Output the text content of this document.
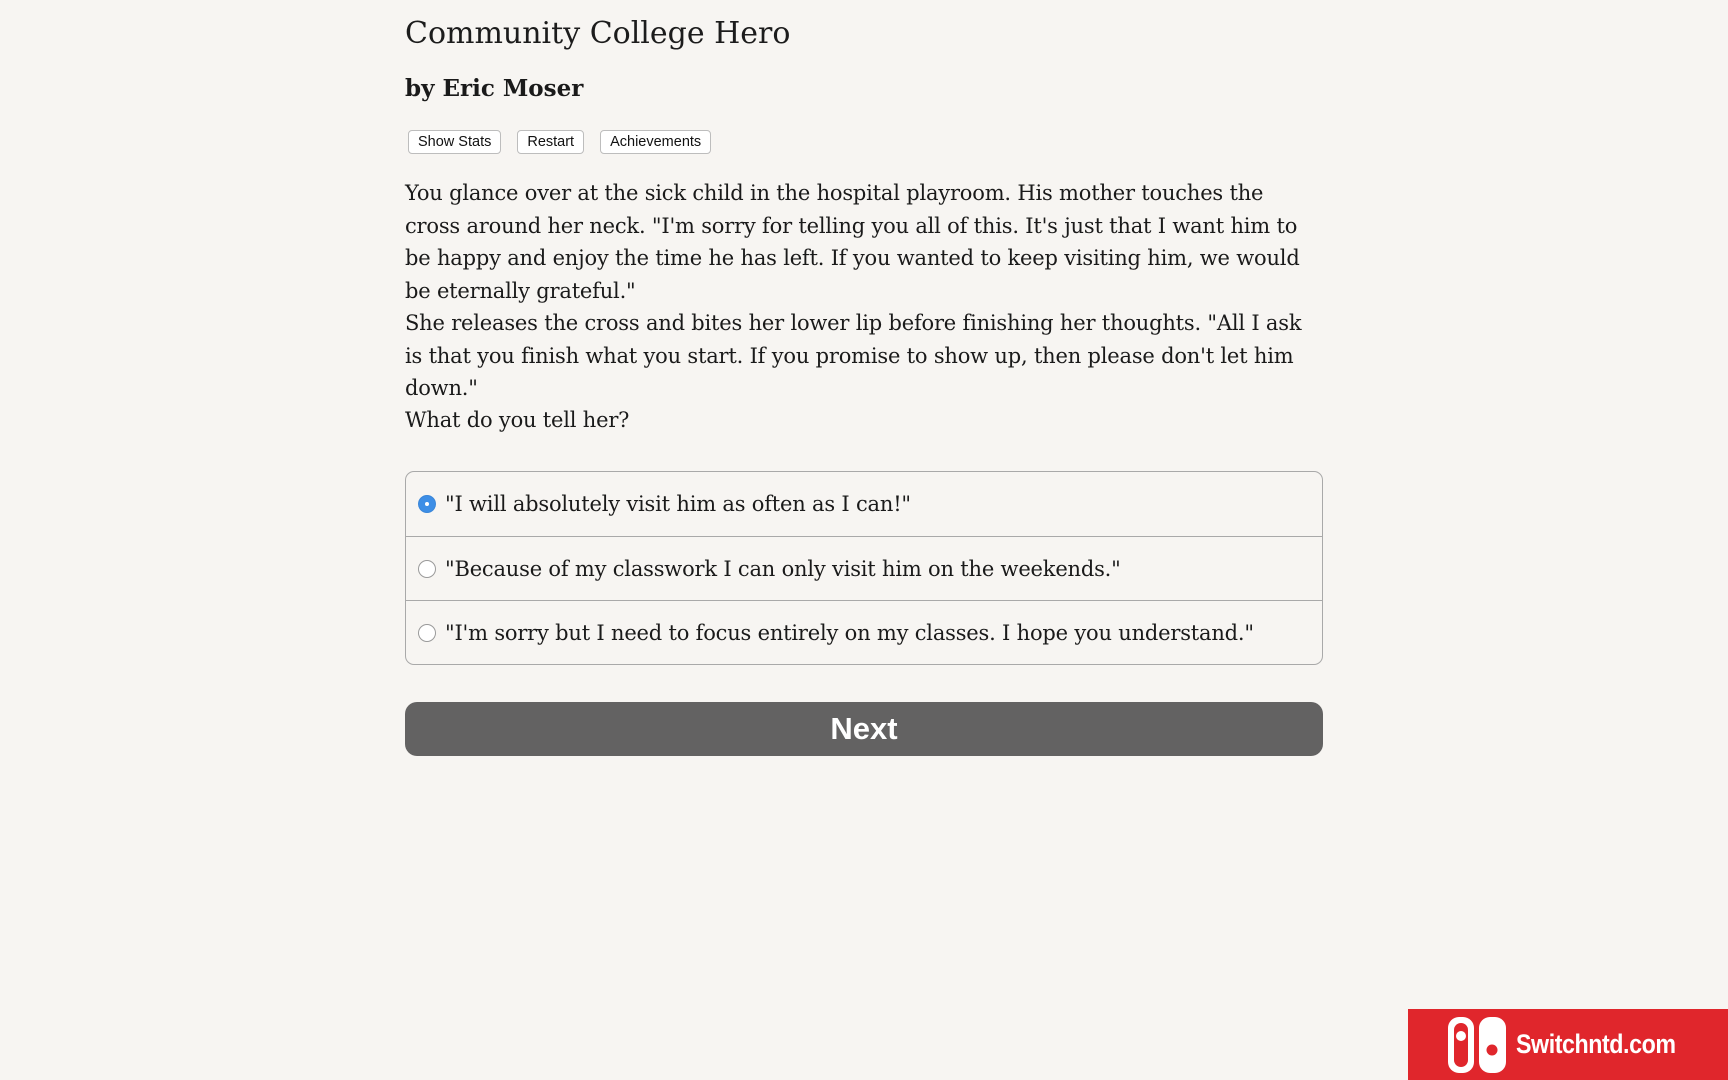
Community College Hero
by Eric Moser
Show Stats	Restart	Achievements

You glance over at the sick child in the hospital playroom. His mother touches the cross around her neck. "I'm sorry for telling you all of this. It's just that I want him to be happy and enjoy the time he has left. If you wanted to keep visiting him, we would be eternally grateful."

She releases the cross and bites her lower lip before finishing her thoughts. "All I ask is that you finish what you start. If you promise to show up, then please don't let him down."

What do you tell her?

"I will absolutely visit him as often as I can!"
"Because of my classwork I can only visit him on the weekends."
"I'm sorry but I need to focus entirely on my classes. I hope you understand."
Next
Switchntd.com
